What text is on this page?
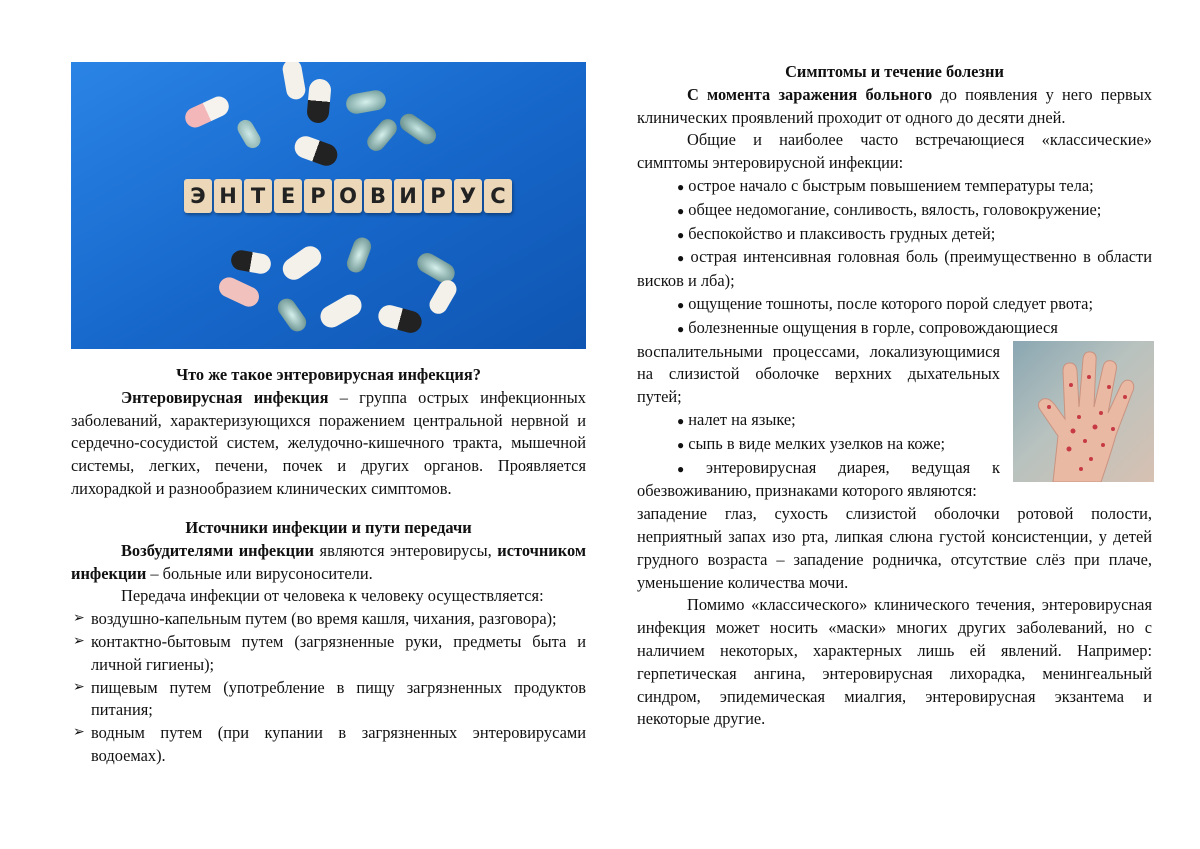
Э Н Т Е Р О В И Р У С
Что же такое энтеровирусная инфекция?

Энтеровирусная инфекция – группа острых инфекционных заболеваний, характеризующихся поражением центральной нервной и сердечно-сосудистой систем, желудочно-кишечного тракта, мышечной системы, легких, печени, почек и других органов. Проявляется лихорадкой и разнообразием клинических симптомов.

Источники инфекции и пути передачи

Возбудителями инфекции являются энтеровирусы, источником инфекции – больные или вирусоносители.

Передача инфекции от человека к человеку осуществляется:

➢ воздушно-капельным путем (во время кашля, чихания, разговора);
➢ контактно-бытовым путем (загрязненные руки, предметы быта и личной гигиены);
➢ пищевым путем (употребление в пищу загрязненных продуктов питания;
➢ водным путем (при купании в загрязненных энтеровирусами водоемах).
Симптомы и течение болезни

С момента заражения больного до появления у него первых клинических проявлений проходит от одного до десяти дней.

Общие и наиболее часто встречающиеся «классические» симптомы энтеровирусной инфекции:

● острое начало с быстрым повышением температуры тела;
● общее недомогание, сонливость, вялость, головокружение;
● беспокойство и плаксивость грудных детей;
● острая интенсивная головная боль (преимущественно в области висков и лба);
● ощущение тошноты, после которого порой следует рвота;
● болезненные ощущения в горле, сопровождающиеся

воспалительными процессами, локализующимися на слизистой оболочке верхних дыхательных путей;

● налет на языке;
● сыпь в виде мелких узелков на коже;
● энтеровирусная диарея, ведущая к обезвоживанию, признаками которого являются:

западение глаз, сухость слизистой оболочки ротовой полости, неприятный запах изо рта, липкая слюна густой консистенции, у детей грудного возраста – западение родничка, отсутствие слёз при плаче, уменьшение количества мочи.

Помимо «классического» клинического течения, энтеровирусная инфекция может носить «маски» многих других заболеваний, но с наличием некоторых, характерных лишь ей явлений. Например: герпетическая ангина, энтеровирусная лихорадка, менингеальный синдром, эпидемическая миалгия, энтеровирусная экзантема и некоторые другие.
